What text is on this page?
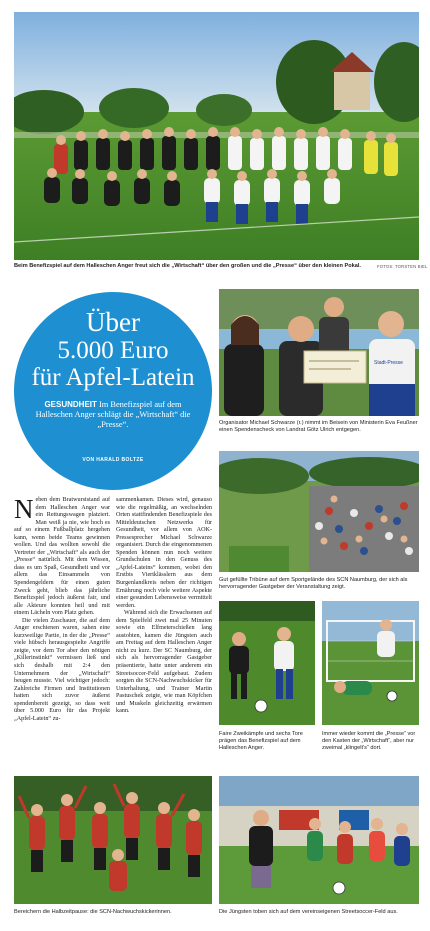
Beim Benefizspiel auf dem Halleschen Anger freut sich die „Wirtschaft“ über den großen und die „Presse“ über den kleinen Pokal.	FOTOS: TORSTEN BIEL
Über
5.000 Euro
für Apfel-Latein
GESUNDHEIT Im Benefizspiel auf dem Halleschen Anger schlägt die „Wirtschaft“ die „Presse“.
VON HARALD BOLTZE
Stadt-Presse
Organisator Michael Schwarze (r.) nimmt im Beisein von Ministerin Eva Feußner einen Spendenscheck von Landrat Götz Ulrich entgegen.
Gut gefüllte Tribüne auf dem Sportgelände des SCN Naumburg, der sich als hervorragender Gastgeber der Veranstaltung zeigt.
Faire Zweikämpfe und sechs Tore prägen das Benefizspiel auf dem Halleschen Anger.
Immer wieder kommt die „Presse“ vor den Kasten der „Wirtschaft“, aber nur zweimal „klingelt’s“ dort.
Bereichern die Halbzeitpause: die SCN-Nachwuchskickerinnen.	Die Jüngsten toben sich auf dem vereinseigenen Streetsoccer-Feld aus.

Neben dem Bratwurststand auf dem Halleschen Anger war ein Rettungswagen platziert. Man weiß ja nie, wie hoch es auf so einem Fußballplatz hergehen kann, wenn beide Teams gewinnen wollen. Und das wollten sowohl die Vertreter der „Wirtschaft“ als auch der „Presse“ natürlich. Mit dem Wissen, dass es um Spaß, Gesundheit und vor allem das Einsammeln von Spendengeldern für einen guten Zweck geht, blieb das jährliche Benefizspiel jedoch äußerst fair, und alle Akteure konnten heil und mit einem Lächeln vom Platz gehen.

Die vielen Zuschauer, die auf dem Anger erschienen waren, sahen eine kurzweilige Partie, in der die „Presse“ viele hübsch herausgespielte Angriffe zeigte, vor dem Tor aber den nötigen „Killerinstinkt“ vermissen ließ und sich deshalb mit 2:4 den Unternehmern der „Wirtschaft“ beugen musste. Viel wichtiger jedoch: Zahlreiche Firmen und Institutionen hatten sich zuvor äußerst spendenbereit gezeigt, so dass weit über 5.000 Euro für das Projekt „Apfel-Latein“ zu-

sammenkamen. Dieses wird, genauso wie die regelmäßig, an wechselnden Orten stattfindenden Benefizspiele des Mitteldeutschen Netzwerks für Gesundheit, vor allem von AOK-Pressesprecher Michael Schwarze organisiert. Durch die eingenommenen Spenden können nun noch weitere Grundschulen in den Genuss des „Apfel-Lateins“ kommen, wobei den Erstbis Viertklässlern aus dem Burgenlandkreis neben der richtigen Ernährung noch viele weitere Aspekte einer gesunden Lebensweise vermittelt werden.

Während sich die Erwachsenen auf dem Spielfeld zwei mal 25 Minuten sowie ein Elfmeterschießen lang austobten, kamen die Jüngsten auch am Freitag auf dem Halleschen Anger nicht zu kurz. Der SC Naumburg, der sich als hervorragender Gastgeber präsentierte, hatte unter anderem ein Streetsoccer-Feld aufgebaut. Zudem sorgten die SCN-Nachwuchskicker für Unterhaltung, und Trainer Martin Pastuschek zeigte, wie man Köpfchen und Muskeln gleichzeitig erwärmen kann.
